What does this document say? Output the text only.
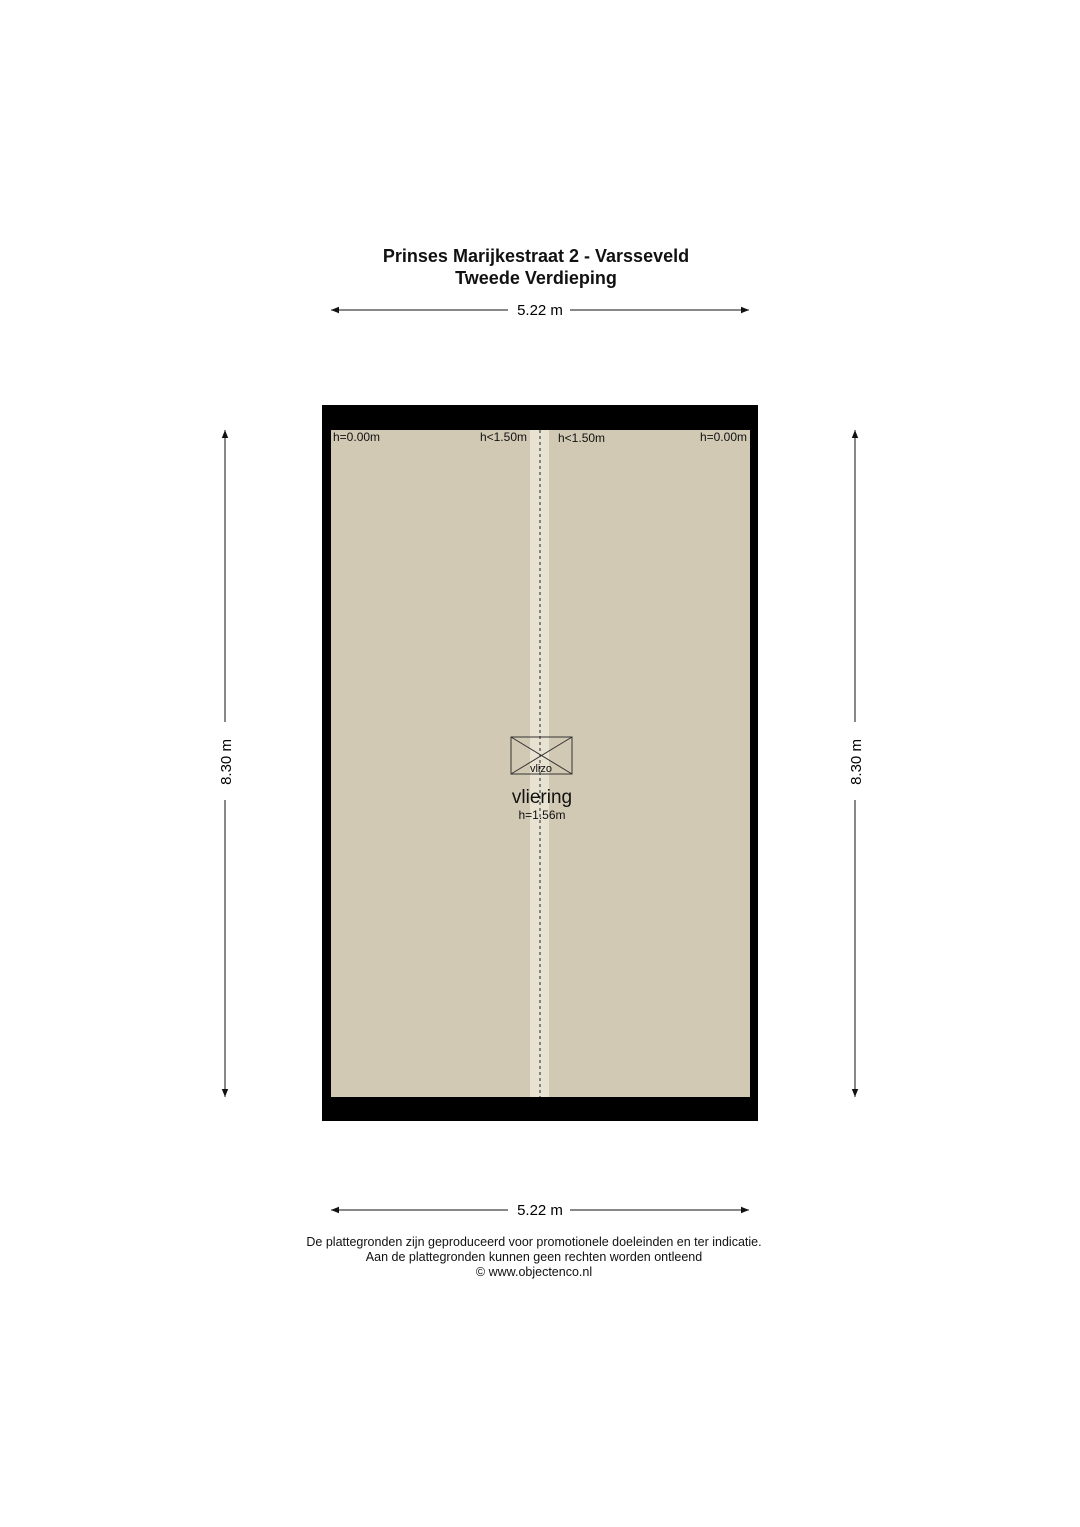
Prinses Marijkestraat 2 - Varsseveld
Tweede Verdieping
5.22 m
h=0.00m	h<1.50m	h<1.50m	h=0.00m
vlizo
vliering
h=1.56m
8.30 m	8.30 m
5.22 m
De plattegronden zijn geproduceerd voor promotionele doeleinden en ter indicatie.
Aan de plattegronden kunnen geen rechten worden ontleend
© www.objectenco.nl
